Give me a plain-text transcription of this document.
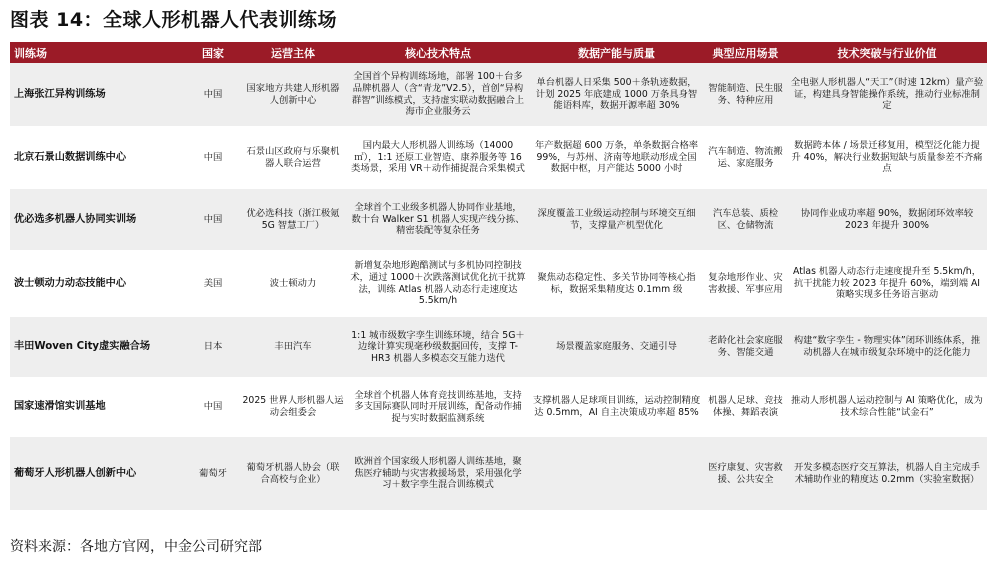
图表 14：全球人形机器人代表训练场
训练场	国家	运营主体	核心技术特点	数据产能与质量	典型应用场景	技术突破与行业价值
上海张江异构训练场	中国	国家地方共建人形机器人创新中心	全国首个异构训练场地，部署 100＋台多品牌机器人（含“青龙”V2.5），首创“异构群智”训练模式，支持虚实联动数据融合上海市企业服务云	单台机器人日采集 500＋条轨迹数据，计划 2025 年底建成 1000 万条具身智能语料库，数据开源率超 30%	智能制造、民生服务、特种应用	全电驱人形机器人“天工”（时速 12km）量产验证，构建具身智能操作系统，推动行业标准制定
北京石景山数据训练中心	中国	石景山区政府与乐聚机器人联合运营	国内最大人形机器人训练场（14000 ㎡），1:1 还原工业智造、康养服务等 16 类场景，采用 VR＋动作捕捉混合采集模式	年产数据超 600 万条，单条数据合格率 99%，与苏州、济南等地联动形成全国数据中枢，月产能达 5000 小时	汽车制造、物流搬运、家庭服务	数据跨本体 / 场景迁移复用，模型泛化能力提升 40%，解决行业数据短缺与质量参差不齐痛点
优必选多机器人协同实训场	中国	优必选科技（浙江极氪 5G 智慧工厂）	全球首个工业级多机器人协同作业基地，数十台 Walker S1 机器人实现产线分拣、精密装配等复杂任务	深度覆盖工业级运动控制与环境交互细节，支撑量产机型优化	汽车总装、质检区、仓储物流	协同作业成功率超 90%，数据闭环效率较 2023 年提升 300%
波士顿动力动态技能中心	美国	波士顿动力	新增复杂地形跑酷测试与多机协同控制技术，通过 1000＋次跌落测试优化抗干扰算法，训练 Atlas 机器人动态行走速度达 5.5km/h	聚焦动态稳定性、多关节协同等核心指标，数据采集精度达 0.1mm 级	复杂地形作业、灾害救援、军事应用	Atlas 机器人动态行走速度提升至 5.5km/h，抗干扰能力较 2023 年提升 60%，端到端 AI 策略实现多任务语言驱动
丰田Woven City虚实融合场	日本	丰田汽车	1:1 城市级数字孪生训练环境，结合 5G＋边缘计算实现毫秒级数据回传，支撑 T-HR3 机器人多模态交互能力迭代	场景覆盖家庭服务、交通引导	老龄化社会家庭服务、智能交通	构建“数字孪生 - 物理实体”闭环训练体系，推动机器人在城市级复杂环境中的泛化能力
国家速滑馆实训基地	中国	2025 世界人形机器人运动会组委会	全球首个机器人体育竞技训练基地，支持多支国际赛队同时开展训练，配备动作捕捉与实时数据监测系统	支撑机器人足球项目训练，运动控制精度达 0.5mm，AI 自主决策成功率超 85%	机器人足球、竞技体操、舞蹈表演	推动人形机器人运动控制与 AI 策略优化，成为技术综合性能“试金石”
葡萄牙人形机器人创新中心	葡萄牙	葡萄牙机器人协会（联合高校与企业）	欧洲首个国家级人形机器人训练基地，聚焦医疗辅助与灾害救援场景，采用强化学习＋数字孪生混合训练模式		医疗康复、灾害救援、公共安全	开发多模态医疗交互算法，机器人自主完成手术辅助作业的精度达 0.2mm（实验室数据）
资料来源：各地方官网，中金公司研究部
